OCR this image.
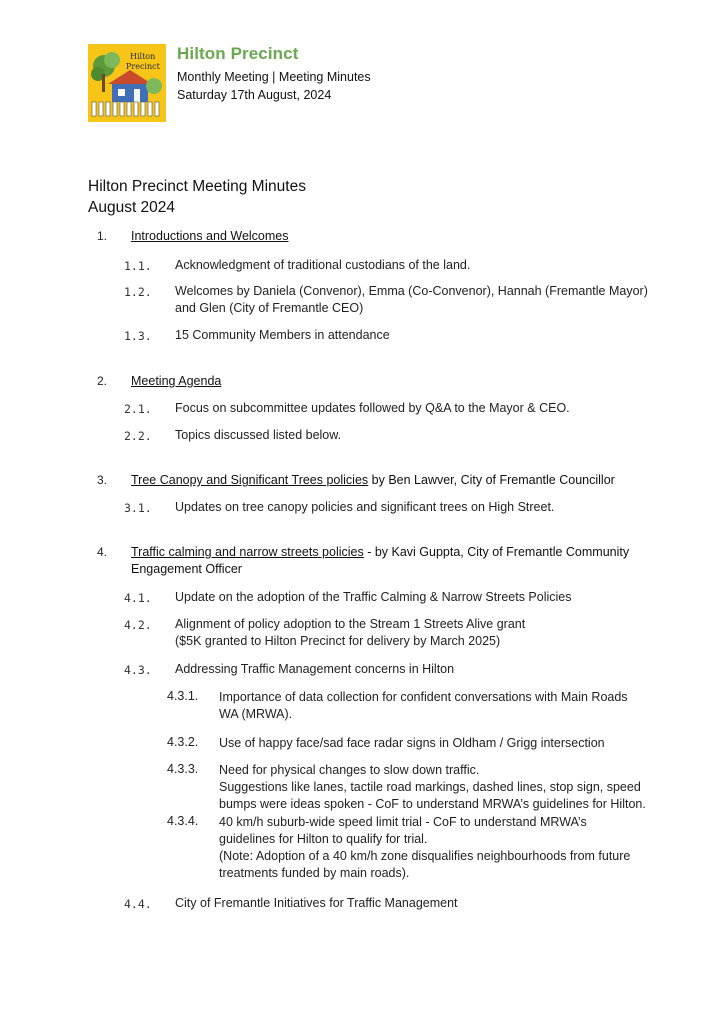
Hilton
Precinct
Hilton Precinct
Monthly Meeting | Meeting Minutes
Saturday 17th August, 2024
Hilton Precinct Meeting Minutes
August 2024
1. Introductions and Welcomes
1.1. Acknowledgment of traditional custodians of the land.
1.2. Welcomes by Daniela (Convenor), Emma (Co-Convenor), Hannah (Fremantle Mayor)
and Glen (City of Fremantle CEO)
1.3. 15 Community Members in attendance
2. Meeting Agenda
2.1. Focus on subcommittee updates followed by Q&A to the Mayor & CEO.
2.2. Topics discussed listed below.
3. Tree Canopy and Significant Trees policies by Ben Lawver, City of Fremantle Councillor
3.1. Updates on tree canopy policies and significant trees on High Street.
4. Traffic calming and narrow streets policies - by Kavi Guppta, City of Fremantle Community
Engagement Officer
4.1. Update on the adoption of the Traffic Calming & Narrow Streets Policies
4.2. Alignment of policy adoption to the Stream 1 Streets Alive grant
($5K granted to Hilton Precinct for delivery by March 2025)
4.3. Addressing Traffic Management concerns in Hilton
4.3.1. Importance of data collection for confident conversations with Main Roads
WA (MRWA).
4.3.2. Use of happy face/sad face radar signs in Oldham / Grigg intersection
4.3.3. Need for physical changes to slow down traffic.
Suggestions like lanes, tactile road markings, dashed lines, stop sign, speed
bumps were ideas spoken - CoF to understand MRWA’s guidelines for Hilton.
4.3.4. 40 km/h suburb-wide speed limit trial - CoF to understand MRWA’s
guidelines for Hilton to qualify for trial.
(Note: Adoption of a 40 km/h zone disqualifies neighbourhoods from future
treatments funded by main roads).
4.4. City of Fremantle Initiatives for Traffic Management
